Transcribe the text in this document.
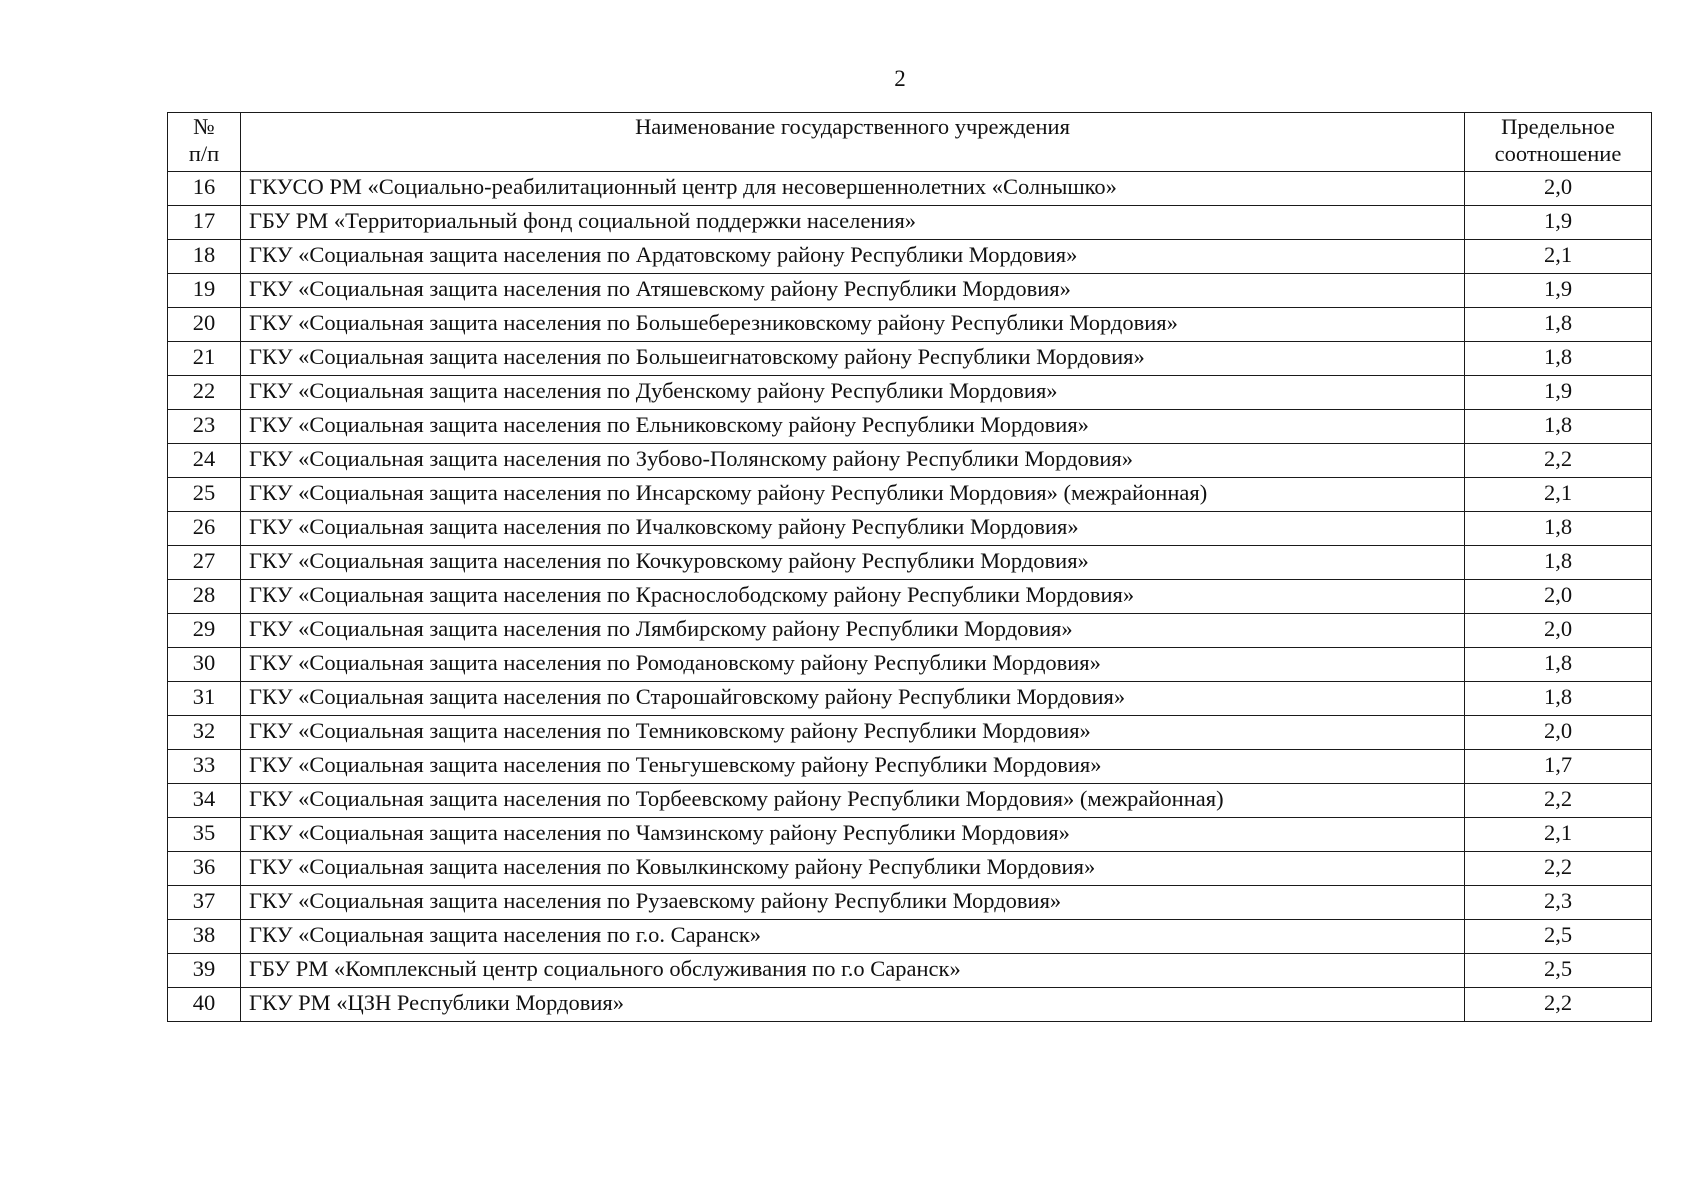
2
№ п/п	Наименование государственного учреждения	Предельное соотношение
16	ГКУСО РМ «Социально-реабилитационный центр для несовершеннолетних «Солнышко»	2,0
17	ГБУ РМ «Территориальный фонд социальной поддержки населения»	1,9
18	ГКУ «Социальная защита населения по Ардатовскому району Республики Мордовия»	2,1
19	ГКУ «Социальная защита населения по Атяшевскому району Республики Мордовия»	1,9
20	ГКУ «Социальная защита населения по Большеберезниковскому району Республики Мордовия»	1,8
21	ГКУ «Социальная защита населения по Большеигнатовскому району Республики Мордовия»	1,8
22	ГКУ «Социальная защита населения по Дубенскому району Республики Мордовия»	1,9
23	ГКУ «Социальная защита населения по Ельниковскому району Республики Мордовия»	1,8
24	ГКУ «Социальная защита населения по Зубово-Полянскому району Республики Мордовия»	2,2
25	ГКУ «Социальная защита населения по Инсарскому району Республики Мордовия» (межрайонная)	2,1
26	ГКУ «Социальная защита населения по Ичалковскому району Республики Мордовия»	1,8
27	ГКУ «Социальная защита населения по Кочкуровскому району Республики Мордовия»	1,8
28	ГКУ «Социальная защита населения по Краснослободскому району Республики Мордовия»	2,0
29	ГКУ «Социальная защита населения по Лямбирскому району Республики Мордовия»	2,0
30	ГКУ «Социальная защита населения по Ромодановскому району Республики Мордовия»	1,8
31	ГКУ «Социальная защита населения по Старошайговскому району Республики Мордовия»	1,8
32	ГКУ «Социальная защита населения по Темниковскому району Республики Мордовия»	2,0
33	ГКУ «Социальная защита населения по Теньгушевскому району Республики Мордовия»	1,7
34	ГКУ «Социальная защита населения по Торбеевскому району Республики Мордовия» (межрайонная)	2,2
35	ГКУ «Социальная защита населения по Чамзинскому району Республики Мордовия»	2,1
36	ГКУ «Социальная защита населения по Ковылкинскому району Республики Мордовия»	2,2
37	ГКУ «Социальная защита населения по Рузаевскому району Республики Мордовия»	2,3
38	ГКУ «Социальная защита населения по г.о. Саранск»	2,5
39	ГБУ РМ «Комплексный центр социального обслуживания по г.о Саранск»	2,5
40	ГКУ РМ «ЦЗН Республики Мордовия»	2,2
